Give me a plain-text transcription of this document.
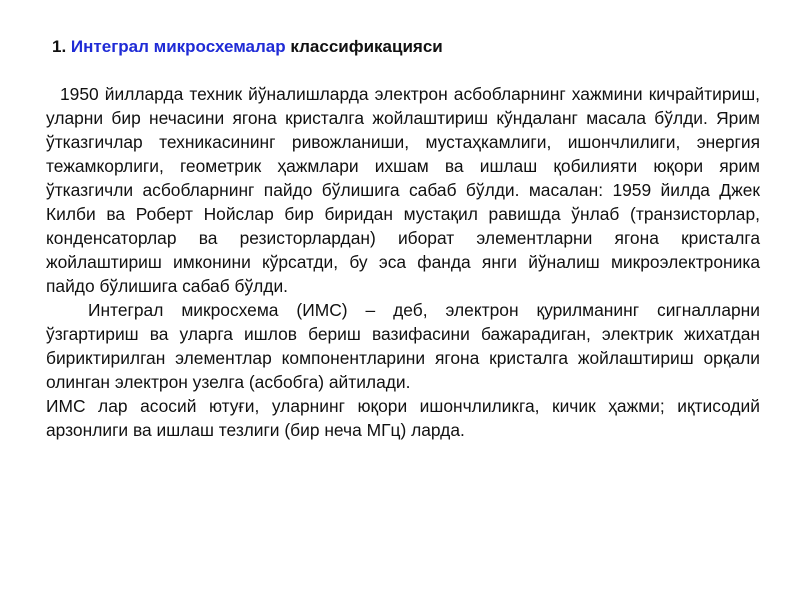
1. Интеграл микросхемалар классификацияси

1950 йилларда техник йўналишларда электрон асбобларнинг хажмини кичрайтириш, уларни бир нечасини ягона кристалга жойлаштириш кўндаланг масала бўлди. Ярим ўтказгичлар техникасининг ривожланиши, мустаҳкамлиги, ишончлилиги, энергия тежамкорлиги, геометрик ҳажмлари ихшам ва ишлаш қобилияти юқори ярим ўтказгичли асбобларнинг пайдо бўлишига сабаб бўлди. масалан: 1959 йилда Джек Килби ва Роберт Нойслар бир биридан мустақил равишда ўнлаб (транзисторлар, конденсаторлар ва резисторлардан) иборат элементларни ягона кристалга жойлаштириш имконини кўрсатди, бу эса фанда янги йўналиш микроэлектроника пайдо бўлишига сабаб бўлди.

Интеграл микросхема (ИМС) – деб, электрон қурилманинг сигналларни ўзгартириш ва уларга ишлов бериш вазифасини бажарадиган, электрик жихатдан бириктирилган элементлар компонентларини ягона кристалга жойлаштириш орқали олинган электрон узелга (асбобга) айтилади.

ИМС лар асосий ютуғи, уларнинг юқори ишончлиликга, кичик ҳажми; иқтисодий арзонлиги ва ишлаш тезлиги (бир неча МГц) ларда.
